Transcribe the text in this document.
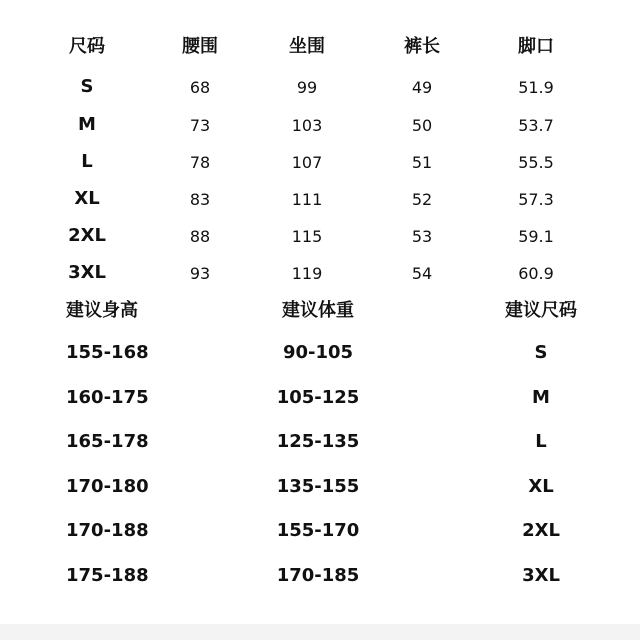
尺码	腰围	坐围	裤长	脚口
S	68	99	49	51.9
M	73	103	50	53.7
L	78	107	51	55.5
XL	83	111	52	57.3
2XL	88	115	53	59.1
3XL	93	119	54	60.9
建议身高	建议体重	建议尺码
155-168	90-105	S
160-175	105-125	M
165-178	125-135	L
170-180	135-155	XL
170-188	155-170	2XL
175-188	170-185	3XL
